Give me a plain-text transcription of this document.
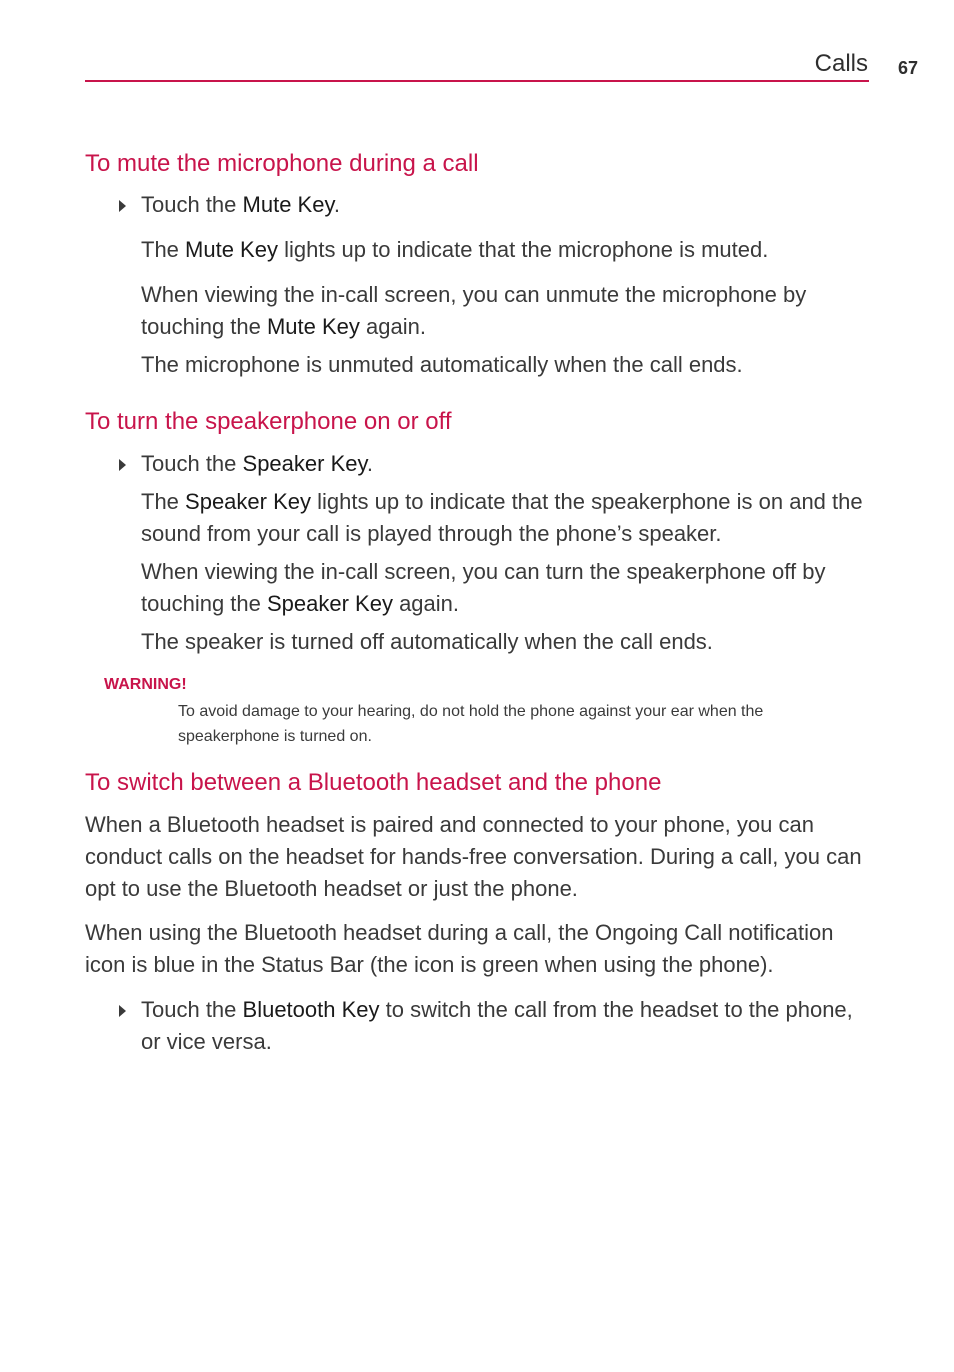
Calls	67
To mute the microphone during a call

Touch the Mute Key.

The Mute Key lights up to indicate that the microphone is muted.

When viewing the in-call screen, you can unmute the microphone by touching the Mute Key again.

The microphone is unmuted automatically when the call ends.

To turn the speakerphone on or off

Touch the Speaker Key.

The Speaker Key lights up to indicate that the speakerphone is on and the sound from your call is played through the phone’s speaker.

When viewing the in-call screen, you can turn the speakerphone off by touching the Speaker Key again.

The speaker is turned off automatically when the call ends.

WARNING!

To avoid damage to your hearing, do not hold the phone against your ear when the speakerphone is turned on.

To switch between a Bluetooth headset and the phone

When a Bluetooth headset is paired and connected to your phone, you can conduct calls on the headset for hands-free conversation. During a call, you can opt to use the Bluetooth headset or just the phone.

When using the Bluetooth headset during a call, the Ongoing Call notification icon is blue in the Status Bar (the icon is green when using the phone).

Touch the Bluetooth Key to switch the call from the headset to the phone, or vice versa.
